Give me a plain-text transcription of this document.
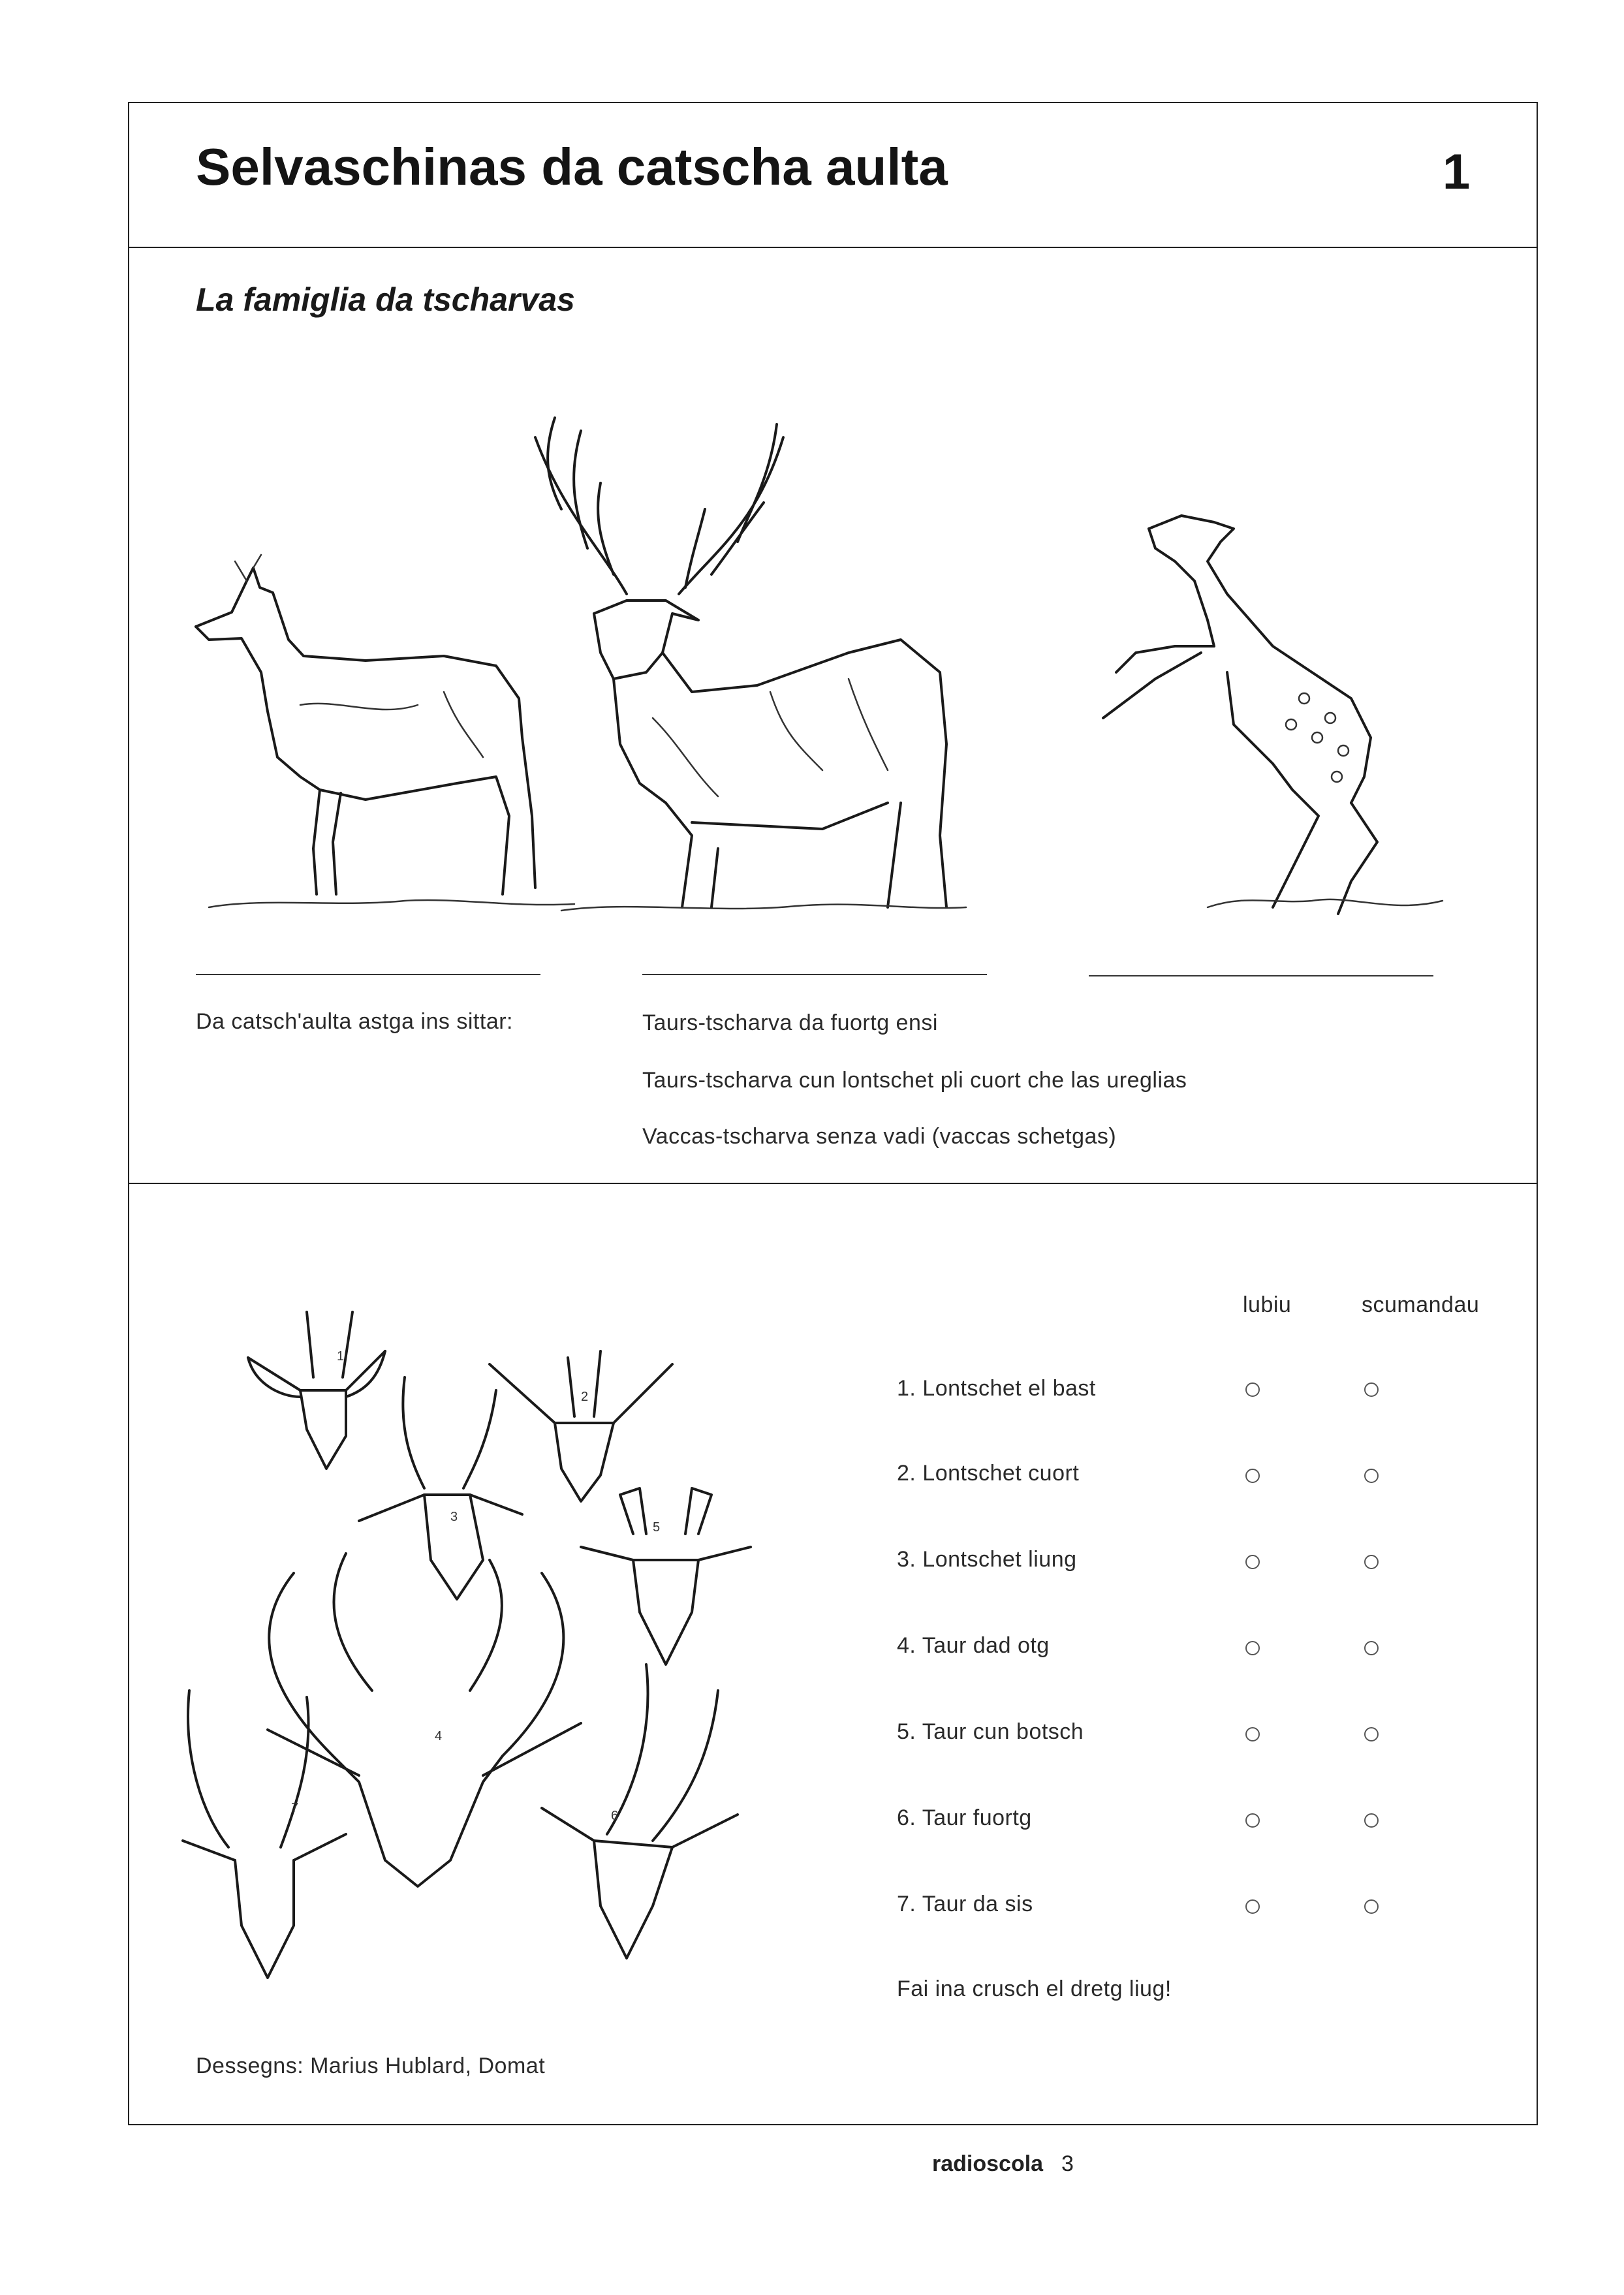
Selvaschinas da catscha aulta	1
La famiglia da tscharvas
Da catsch'aulta astga ins sittar:	Taurs-tscharva da fuortg ensi
Taurs-tscharva cun lontschet pli cuort che las ureglias
Vaccas-tscharva senza vadi (vaccas schetgas)
1
2
3
4
5
6
7
lubiu	scumandau
1. Lontschet el bast
2. Lontschet cuort
3. Lontschet liung
4. Taur dad otg
5. Taur cun botsch
6. Taur fuortg
7. Taur da sis
Fai ina crusch el dretg liug!
Dessegns: Marius Hublard, Domat
radioscola 3
